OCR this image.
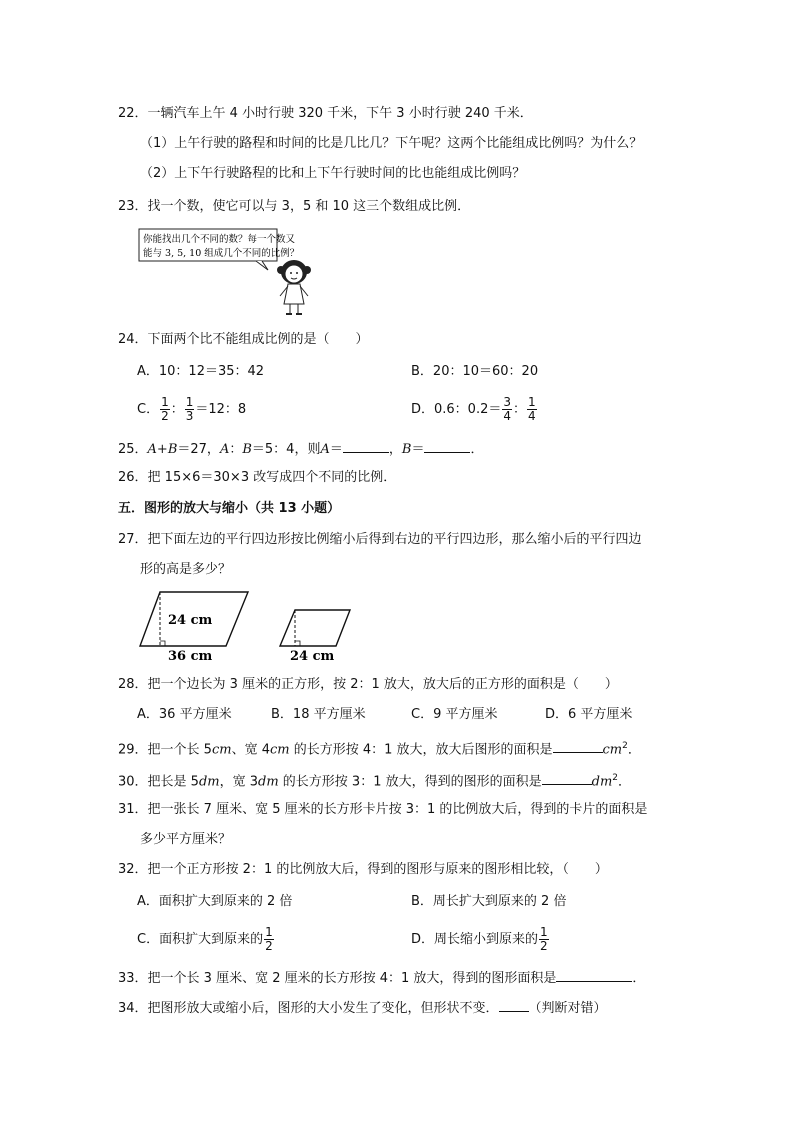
22．一辆汽车上午 4 小时行驶 320 千米，下午 3 小时行驶 240 千米．
（1）上午行驶的路程和时间的比是几比几？下午呢？这两个比能组成比例吗？为什么？
（2）上下午行驶路程的比和上下午行驶时间的比也能组成比例吗？
23．找一个数，使它可以与 3，5 和 10 这三个数组成比例．
你能找出几个不同的数？每一个数又
能与 3, 5, 10 组成几个不同的比例？
24．下面两个比不能组成比例的是（　　）
A．10：12＝35：42	B．20：10＝60：20
C． $\frac{1}{2}$ ： $\frac{1}{3} =12$：8	D．0.6：$0.2= \frac{3}{4}$ ： $\frac{1}{4}$
25．A+B＝27，A：B＝5：4，则A＝	，B＝	．
26．把 15×6＝30×3 改写成四个不同的比例．
五．图形的放大与缩小（共 13 小题）
27．把下面左边的平行四边形按比例缩小后得到右边的平行四边形，那么缩小后的平行四边
形的高是多少？
24 cm
36 cm	24 cm
28．把一个边长为 3 厘米的正方形，按 2：1 放大，放大后的正方形的面积是（　　）
A．36 平方厘米	B．18 平方厘米	C．9 平方厘米	D．6 平方厘米
29．把一个长 5cm、宽 4cm 的长方形按 4：1 放大，放大后图形的面积是	$cm^2$．
30．把长是 5dm，宽 3dm 的长方形按 3：1 放大，得到的图形的面积是	$dm^2$．
31．把一张长 7 厘米、宽 5 厘米的长方形卡片按 3：1 的比例放大后，得到的卡片的面积是
多少平方厘米？
32．把一个正方形按 2：1 的比例放大后，得到的图形与原来的图形相比较，（　　）
A．面积扩大到原来的 2 倍	B．周长扩大到原来的 2 倍
C．面积扩大到原来的 $\frac{1}{2}$	D．周长缩小到原来的 $\frac{1}{2}$
33．把一个长 3 厘米、宽 2 厘米的长方形按 4：1 放大，得到的图形面积是	．
34．把图形放大或缩小后，图形的大小发生了变化，但形状不变． （判断对错）
